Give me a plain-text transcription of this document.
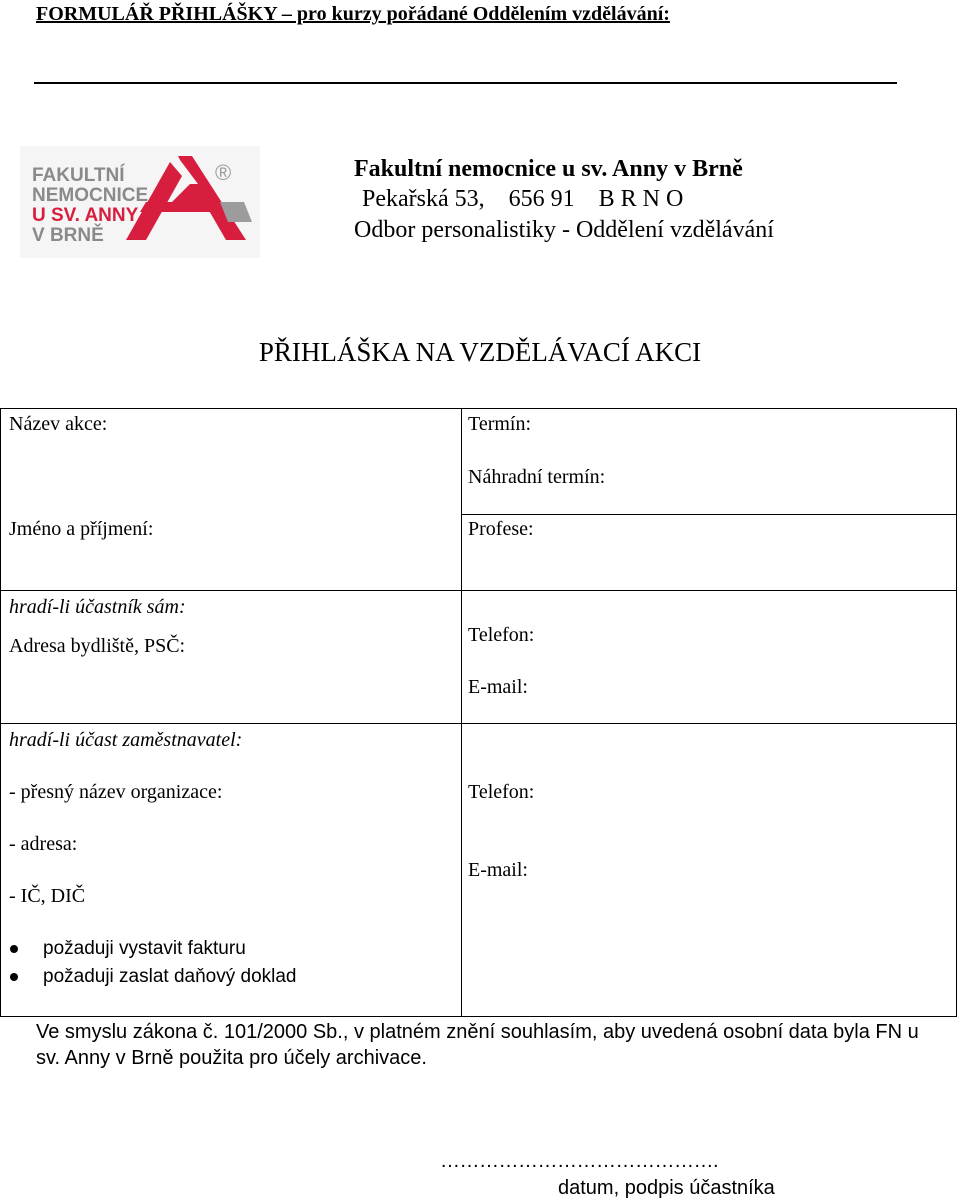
FORMULÁŘ PŘIHLÁŠKY – pro kurzy pořádané Oddělením vzdělávání:
FAKULTNÍ
NEMOCNICE
U SV. ANNY
V BRNĚ
®	Fakultní nemocnice u sv. Anny v Brně
Pekařská 53,    656 91    B R N O
Odbor personalistiky - Oddělení vzdělávání
PŘIHLÁŠKA NA VZDĚLÁVACÍ AKCI
Název akce:
Jméno a příjmení:
hradí-li účastník sám:
Adresa bydliště, PSČ:
hradí-li účast zaměstnavatel:
- přesný název organizace:
- adresa:
- IČ, DIČ
požaduji vystavit fakturu
požaduji zaslat daňový doklad
Termín:
Náhradní termín:
Profese:
Telefon:
E-mail:
Telefon:
E-mail:
Ve smyslu zákona č. 101/2000 Sb., v platném znění souhlasím, aby uvedená osobní data byla FN u sv. Anny v Brně použita pro účely archivace.
…………………………………….
datum, podpis účastníka
